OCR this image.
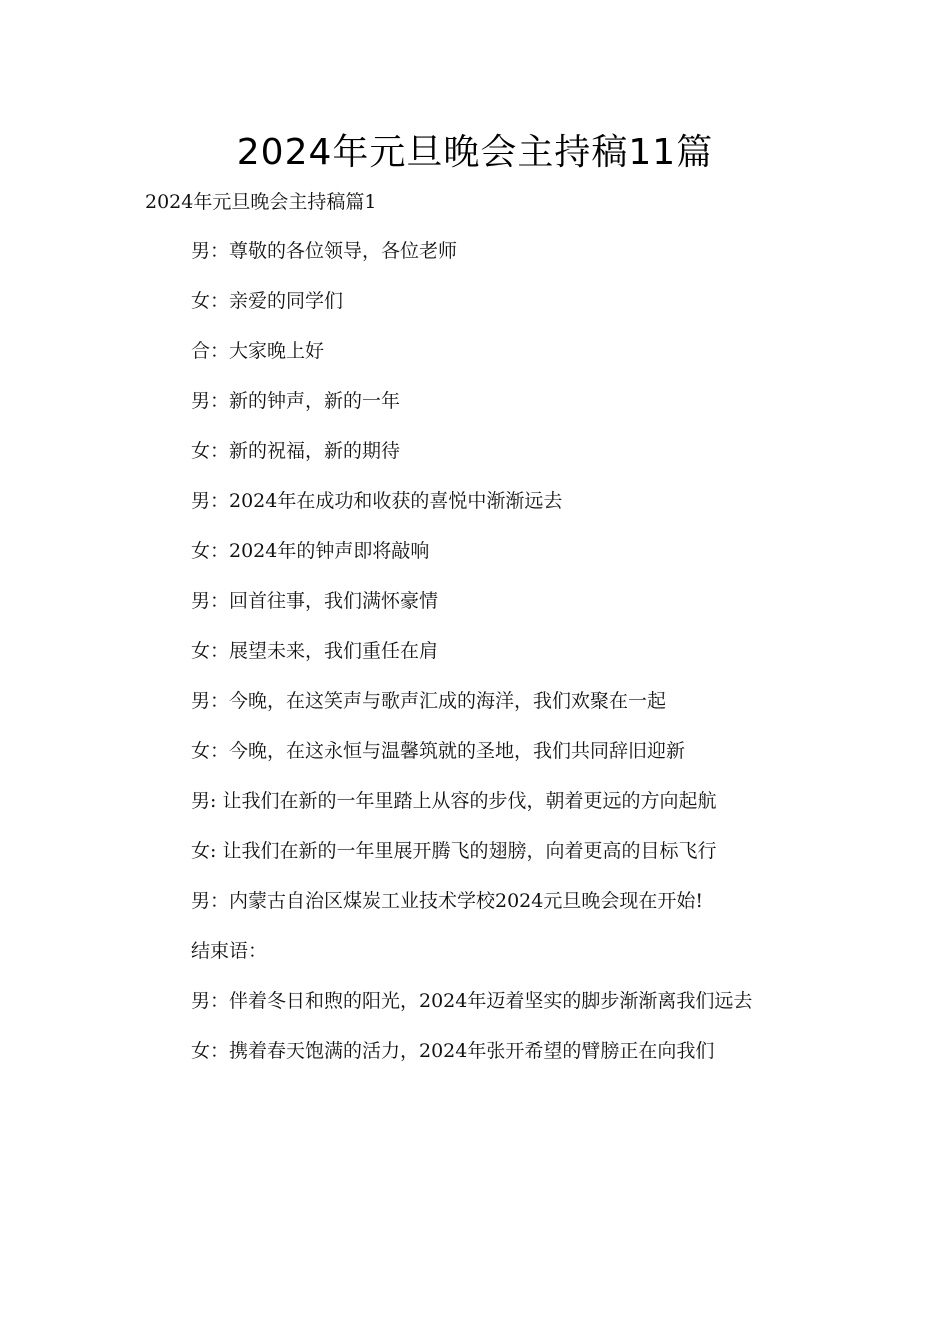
2024年元旦晚会主持稿11篇

2024年元旦晚会主持稿篇1

男：尊敬的各位领导，各位老师

女：亲爱的同学们

合：大家晚上好

男：新的钟声，新的一年

女：新的祝福，新的期待

男：2024年在成功和收获的喜悦中渐渐远去

女：2024年的钟声即将敲响

男：回首往事，我们满怀豪情

女：展望未来，我们重任在肩

男：今晚，在这笑声与歌声汇成的海洋，我们欢聚在一起

女：今晚，在这永恒与温馨筑就的圣地，我们共同辞旧迎新

男: 让我们在新的一年里踏上从容的步伐，朝着更远的方向起航

女: 让我们在新的一年里展开腾飞的翅膀，向着更高的目标飞行

男：内蒙古自治区煤炭工业技术学校2024元旦晚会现在开始!

结束语：

男：伴着冬日和煦的阳光，2024年迈着坚实的脚步渐渐离我们远去

女：携着春天饱满的活力，2024年张开希望的臂膀正在向我们
